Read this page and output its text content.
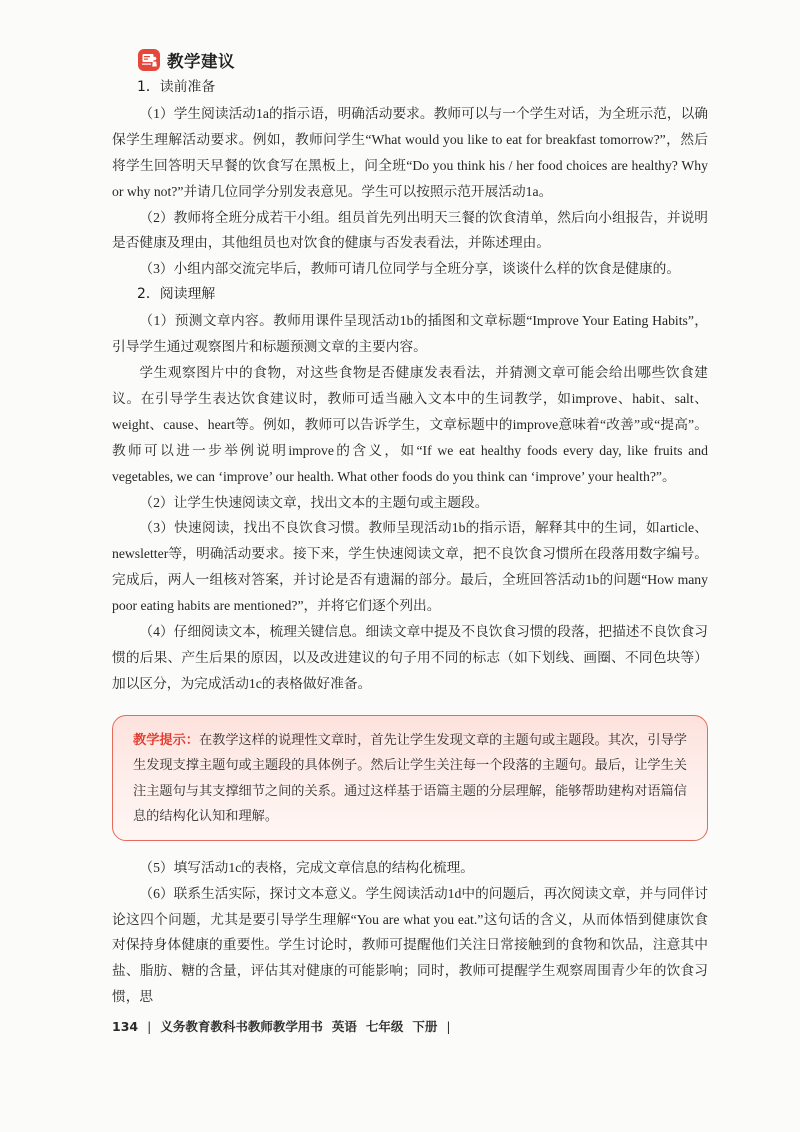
教学建议
1．读前准备

（1）学生阅读活动1a的指示语，明确活动要求。教师可以与一个学生对话，为全班示范，以确保学生理解活动要求。例如，教师问学生“What would you like to eat for breakfast tomorrow?”，然后将学生回答明天早餐的饮食写在黑板上，问全班“Do you think his / her food choices are healthy? Why or why not?”并请几位同学分别发表意见。学生可以按照示范开展活动1a。

（2）教师将全班分成若干小组。组员首先列出明天三餐的饮食清单，然后向小组报告，并说明是否健康及理由，其他组员也对饮食的健康与否发表看法，并陈述理由。

（3）小组内部交流完毕后，教师可请几位同学与全班分享，谈谈什么样的饮食是健康的。

2．阅读理解

（1）预测文章内容。教师用课件呈现活动1b的插图和文章标题“Improve Your Eating Habits”，引导学生通过观察图片和标题预测文章的主要内容。

学生观察图片中的食物，对这些食物是否健康发表看法，并猜测文章可能会给出哪些饮食建议。在引导学生表达饮食建议时，教师可适当融入文本中的生词教学，如improve、habit、salt、weight、cause、heart等。例如，教师可以告诉学生，文章标题中的improve意味着“改善”或“提高”。教师可以进一步举例说明improve的含义，如“If we eat healthy foods every day, like fruits and vegetables, we can ‘improve’ our health. What other foods do you think can ‘improve’ your health?”。

（2）让学生快速阅读文章，找出文本的主题句或主题段。

（3）快速阅读，找出不良饮食习惯。教师呈现活动1b的指示语，解释其中的生词，如article、newsletter等，明确活动要求。接下来，学生快速阅读文章，把不良饮食习惯所在段落用数字编号。完成后，两人一组核对答案，并讨论是否有遗漏的部分。最后，全班回答活动1b的问题“How many poor eating habits are mentioned?”，并将它们逐个列出。

（4）仔细阅读文本，梳理关键信息。细读文章中提及不良饮食习惯的段落，把描述不良饮食习惯的后果、产生后果的原因，以及改进建议的句子用不同的标志（如下划线、画圈、不同色块等）加以区分，为完成活动1c的表格做好准备。

教学提示：在教学这样的说理性文章时，首先让学生发现文章的主题句或主题段。其次，引导学生发现支撑主题句或主题段的具体例子。然后让学生关注每一个段落的主题句。最后，让学生关注主题句与其支撑细节之间的关系。通过这样基于语篇主题的分层理解，能够帮助建构对语篇信息的结构化认知和理解。

（5）填写活动1c的表格，完成文章信息的结构化梳理。

（6）联系生活实际，探讨文本意义。学生阅读活动1d中的问题后，再次阅读文章，并与同伴讨论这四个问题，尤其是要引导学生理解“You are what you eat.”这句话的含义，从而体悟到健康饮食对保持身体健康的重要性。学生讨论时，教师可提醒他们关注日常接触到的食物和饮品，注意其中盐、脂肪、糖的含量，评估其对健康的可能影响；同时，教师可提醒学生观察周围青少年的饮食习惯，思

134 | 义务教育教科书教师教学用书 英语 七年级 下册 |
